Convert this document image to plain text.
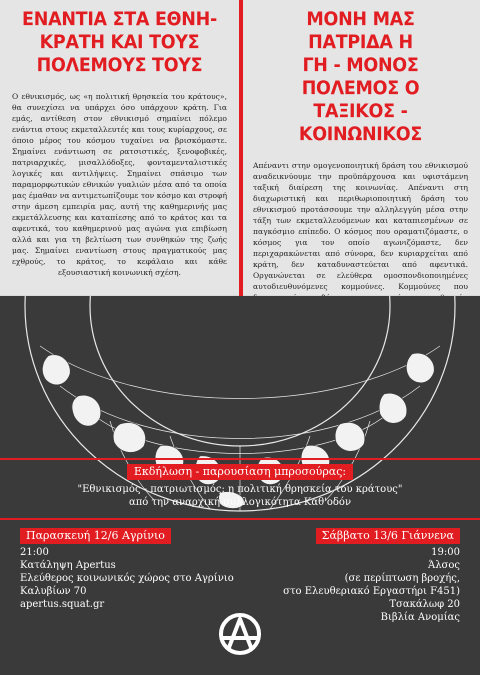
ΕΝΑΝΤΙΑ ΣΤΑ ΕΘΝΗ-
ΚΡΑΤΗ ΚΑΙ ΤΟΥΣ
ΠΟΛΕΜΟΥΣ ΤΟΥΣ
Ο εθνικισμός, ως «η πολιτική θρησκεία του κράτους», θα συνεχίσει να υπάρχει όσο υπάρχουν κράτη. Για εμάς, αντίθεση στον εθνικισμό σημαίνει πόλεμο ενάντια στους εκμεταλλευτές και τους κυρίαρχους, σε όποιο μέρος του κόσμου τυχαίνει να βρισκόμαστε. Σημαίνει ενάντιωση σε ρατσιστικές, ξενοφοβικές, πατριαρχικές, μισαλλόδοξες, φονταμενταλιστικές λογικές και αντιλήψεις. Σημαίνει σπάσιμο των παραμορφωτικών εθνικών γυαλιών μέσα από τα οποία μας έμαθαν να αντιμετωπίζουμε τον κόσμο και στροφή στην άμεση εμπειρία μας, αυτή της καθημερινής μας εκμετάλλευσης και καταπίεσης από το κράτος και τα αφεντικά, του καθημερινού μας αγώνα για επιβίωση αλλά και για τη βελτίωση των συνθηκών της ζωής μας. Σημαίνει εναντίωση στους πραγματικούς μας εχθρούς, το κράτος, το κεφάλαιο και κάθε εξουσιαστική κοινωνική σχέση.
ΜΟΝΗ ΜΑΣ ΠΑΤΡΙΔΑ Η
ΓΗ - ΜΟΝΟΣ ΠΟΛΕΜΟΣ Ο
ΤΑΞΙΚΟΣ - ΚΟΙΝΩΝΙΚΟΣ
Απέναντι στην ομογενοποιητική δράση του εθνικισμού αναδεικνύουμε την προϋπάρχουσα και υφιστάμενη ταξική διαίρεση της κοινωνίας. Απέναντι στη διαχωριστική και περιθωριοποιητική δράση του εθνικισμού προτάσσουμε την αλληλεγγύη μέσα στην τάξη των εκμεταλλευόμενων και καταπιεσμένων σε παγκόσμιο επίπεδο. Ο κόσμος που οραματιζόμαστε, ο κόσμος για τον οποίο αγωνιζόμαστε, δεν περιχαρακώνεται από σύνορα, δεν κυριαρχείται από κράτη, δεν καταδυναστεύεται από αφεντικά. Οργανώνεται σε ελεύθερα ομοσπονδιοποιημένες αυτοδιευθυνόμενες κομμούνες. Κομμούνες που
Εκδήλωση - παρουσίαση μπροσούρας:
"Εθνικισμός - πατριωτισμός: η πολιτική θρησκεία του κράτους"
από την αναρχική συλλογικότητα Καθ'οδόν
Παρασκευή 12/6 Αγρίνιο
21:00
Κατάληψη Apertus
Ελεύθερος κοινωνικός χώρος στο Αγρίνιο
Καλυβίων 70
apertus.squat.gr
Σάββατο 13/6 Γιάννενα
19:00
Άλσος
(σε περίπτωση βροχής,
στο Ελευθεριακό Εργαστήρι F451)
Τσακάλωφ 20
Βιβλία Ανομίας
